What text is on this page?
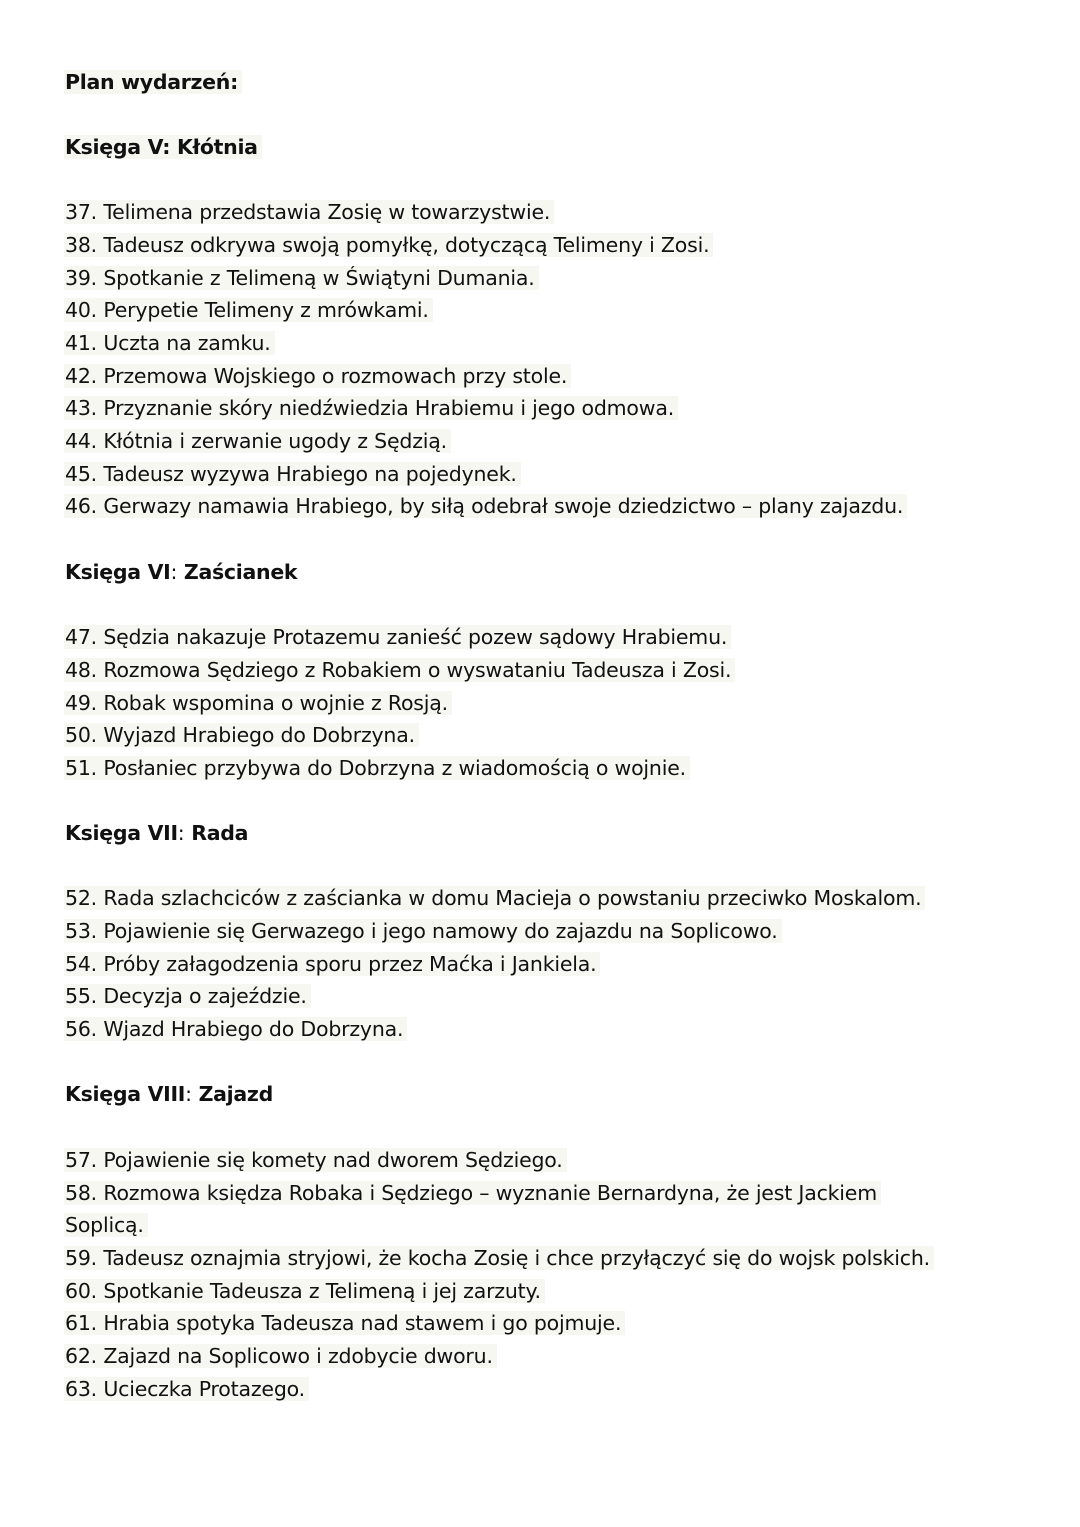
Plan wydarzeń:
Księga V: Kłótnia
37. Telimena przedstawia Zosię w towarzystwie.
38. Tadeusz odkrywa swoją pomyłkę, dotyczącą Telimeny i Zosi.
39. Spotkanie z Telimeną w Świątyni Dumania.
40. Perypetie Telimeny z mrówkami.
41. Uczta na zamku.
42. Przemowa Wojskiego o rozmowach przy stole.
43. Przyznanie skóry niedźwiedzia Hrabiemu i jego odmowa.
44. Kłótnia i zerwanie ugody z Sędzią.
45. Tadeusz wyzywa Hrabiego na pojedynek.
46. Gerwazy namawia Hrabiego, by siłą odebrał swoje dziedzictwo – plany zajazdu.
Księga VI: Zaścianek
47. Sędzia nakazuje Protazemu zanieść pozew sądowy Hrabiemu.
48. Rozmowa Sędziego z Robakiem o wyswataniu Tadeusza i Zosi.
49. Robak wspomina o wojnie z Rosją.
50. Wyjazd Hrabiego do Dobrzyna.
51. Posłaniec przybywa do Dobrzyna z wiadomością o wojnie.
Księga VII: Rada
52. Rada szlachciców z zaścianka w domu Macieja o powstaniu przeciwko Moskalom.
53. Pojawienie się Gerwazego i jego namowy do zajazdu na Soplicowo.
54. Próby załagodzenia sporu przez Maćka i Jankiela.
55. Decyzja o zajeździe.
56. Wjazd Hrabiego do Dobrzyna.
Księga VIII: Zajazd
57. Pojawienie się komety nad dworem Sędziego.
58. Rozmowa księdza Robaka i Sędziego – wyznanie Bernardyna, że jest Jackiem
Soplicą.
59. Tadeusz oznajmia stryjowi, że kocha Zosię i chce przyłączyć się do wojsk polskich.
60. Spotkanie Tadeusza z Telimeną i jej zarzuty.
61. Hrabia spotyka Tadeusza nad stawem i go pojmuje.
62. Zajazd na Soplicowo i zdobycie dworu.
63. Ucieczka Protazego.
